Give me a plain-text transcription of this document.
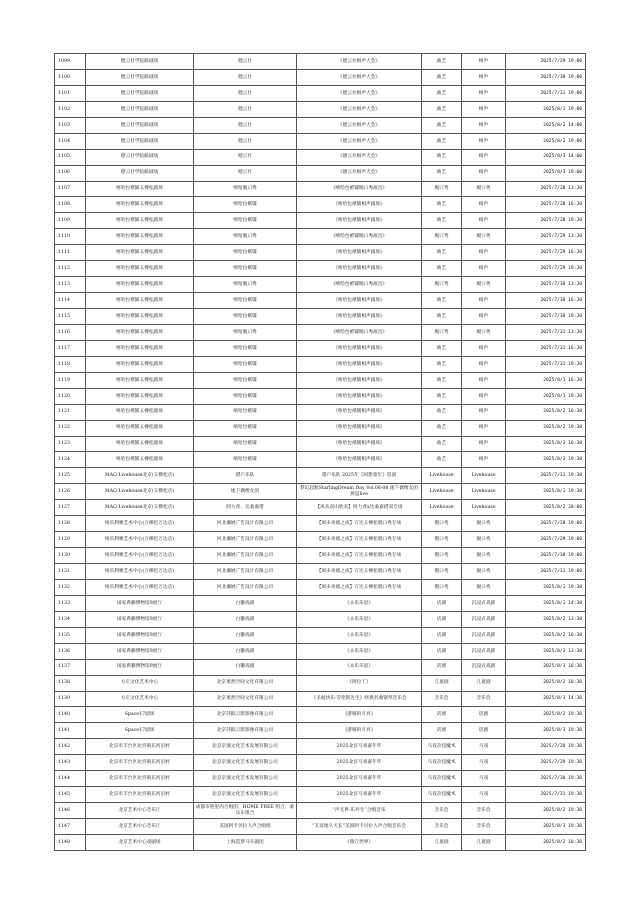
1099	德云社学院路剧场	德云社	《德云社相声大会》	曲艺	相声	2025/7/29 19:00
1100	德云社学院路剧场	德云社	《德云社相声大会》	曲艺	相声	2025/7/30 19:00
1101	德云社学院路剧场	德云社	《德云社相声大会》	曲艺	相声	2025/7/31 19:00
1102	德云社学院路剧场	德云社	《德云社相声大会》	曲艺	相声	2025/8/1 19:00
1103	德云社学院路剧场	德云社	《德云社相声大会》	曲艺	相声	2025/8/2 14:00
1104	德云社学院路剧场	德云社	《德云社相声大会》	曲艺	相声	2025/8/2 19:00
1105	德云社学院路剧场	德云社	《德云社相声大会》	曲艺	相声	2025/8/3 14:00
1106	德云社学院路剧场	德云社	《德云社相声大会》	曲艺	相声	2025/8/3 19:00
1107	嘻哈包袱铺五棵松剧场	嘻哈脱口秀	《嘻哈包袱铺脱口秀演出》	脱口秀	脱口秀	2025/7/28 13:30
1108	嘻哈包袱铺五棵松剧场	嘻哈包袱铺	《嘻哈包袱铺相声剧场》	曲艺	相声	2025/7/28 16:30
1109	嘻哈包袱铺五棵松剧场	嘻哈包袱铺	《嘻哈包袱铺相声剧场》	曲艺	相声	2025/7/28 19:30
1110	嘻哈包袱铺五棵松剧场	嘻哈脱口秀	《嘻哈包袱铺脱口秀演出》	脱口秀	脱口秀	2025/7/29 13:30
1111	嘻哈包袱铺五棵松剧场	嘻哈包袱铺	《嘻哈包袱铺相声剧场》	曲艺	相声	2025/7/29 16:30
1112	嘻哈包袱铺五棵松剧场	嘻哈包袱铺	《嘻哈包袱铺相声剧场》	曲艺	相声	2025/7/29 19:30
1113	嘻哈包袱铺五棵松剧场	嘻哈脱口秀	《嘻哈包袱铺脱口秀演出》	脱口秀	脱口秀	2025/7/30 13:30
1114	嘻哈包袱铺五棵松剧场	嘻哈包袱铺	《嘻哈包袱铺相声剧场》	曲艺	相声	2025/7/30 16:30
1115	嘻哈包袱铺五棵松剧场	嘻哈包袱铺	《嘻哈包袱铺相声剧场》	曲艺	相声	2025/7/30 19:30
1116	嘻哈包袱铺五棵松剧场	嘻哈脱口秀	《嘻哈包袱铺脱口秀演出》	脱口秀	脱口秀	2025/7/31 13:30
1117	嘻哈包袱铺五棵松剧场	嘻哈包袱铺	《嘻哈包袱铺相声剧场》	曲艺	相声	2025/7/31 16:30
1118	嘻哈包袱铺五棵松剧场	嘻哈包袱铺	《嘻哈包袱铺相声剧场》	曲艺	相声	2025/7/31 19:30
1119	嘻哈包袱铺五棵松剧场	嘻哈包袱铺	《嘻哈包袱铺相声剧场》	曲艺	相声	2025/8/1 16:30
1120	嘻哈包袱铺五棵松剧场	嘻哈包袱铺	《嘻哈包袱铺相声剧场》	曲艺	相声	2025/8/1 19:30
1121	嘻哈包袱铺五棵松剧场	嘻哈包袱铺	《嘻哈包袱铺相声剧场》	曲艺	相声	2025/8/2 16:30
1122	嘻哈包袱铺五棵松剧场	嘻哈包袱铺	《嘻哈包袱铺相声剧场》	曲艺	相声	2025/8/2 19:30
1123	嘻哈包袱铺五棵松剧场	嘻哈包袱铺	《嘻哈包袱铺相声剧场》	曲艺	相声	2025/8/3 16:30
1124	嘻哈包袱铺五棵松剧场	嘻哈包袱铺	《嘻哈包袱铺相声剧场》	曲艺	相声	2025/8/3 19:30
1125	MAO Livehouse北京(五棵松店)	猎户乐队	猎户乐队 2025年《回想童年》巡演	Livehouse	Livehouse	2025/7/31 19:30
1126	MAO Livehouse北京(五棵松店)	地下偶像女团	梦幻起航StarlingDream Day Vol.06-08 地下偶像女团拼盘live	Livehouse	Livehouse	2025/8/1 19:30
1127	MAO Livehouse北京(五棵松店)	阿力普、达桑嘉措	【风从双山吹来】阿力普x达桑嘉措双专场	Livehouse	Livehouse	2025/8/2 20:00
1128	格乐利雅艺术中心(五棵松万达店)	河北珈展广告设计有限公司	【周末喜剧之夜】万达五棵松脱口秀专场	脱口秀	脱口秀	2025/7/28 19:00
1129	格乐利雅艺术中心(五棵松万达店)	河北珈展广告设计有限公司	【周末喜剧之夜】万达五棵松脱口秀专场	脱口秀	脱口秀	2025/7/29 19:00
1130	格乐利雅艺术中心(五棵松万达店)	河北珈展广告设计有限公司	【周末喜剧之夜】万达五棵松脱口秀专场	脱口秀	脱口秀	2025/7/30 19:00
1131	格乐利雅艺术中心(五棵松万达店)	河北珈展广告设计有限公司	【周末喜剧之夜】万达五棵松脱口秀专场	脱口秀	脱口秀	2025/7/31 19:00
1132	格乐利雅艺术中心(五棵松万达店)	河北珈展广告设计有限公司	【周末喜剧之夜】万达五棵松脱口秀专场	脱口秀	脱口秀	2025/8/1 19:30
1133	国家典籍博物馆9展厅	白辙戏剧	《永乐乐思》	话剧	沉浸式戏剧	2025/8/1 14:30
1134	国家典籍博物馆9展厅	白辙戏剧	《永乐乐思》	话剧	沉浸式戏剧	2025/8/2 13:30
1135	国家典籍博物馆9展厅	白辙戏剧	《永乐乐思》	话剧	沉浸式戏剧	2025/8/2 16:30
1136	国家典籍博物馆9展厅	白辙戏剧	《永乐乐思》	话剧	沉浸式戏剧	2025/8/3 13:30
1137	国家典籍博物馆9展厅	白辙戏剧	《永乐乐思》	话剧	沉浸式戏剧	2025/8/3 16:30
1138	方庄文化艺术中心	北京果然空间文化有限公司	《阿拉丁》	儿童剧	儿童剧	2025/8/2 10:30
1139	方庄文化艺术中心	北京果然空间文化有限公司	《圣诞快乐·劳伦斯先生》经典名曲钢琴音乐会	音乐会	音乐会	2025/8/3 14:30
1140	Space17剧场	北京萍踪云影影像有限公司	《游移的月亮》	话剧	话剧	2025/8/2 19:30
1141	Space17剧场	北京萍踪云影影像有限公司	《游移的月亮》	话剧	话剧	2025/8/3 19:30
1142	北京市丰台区北宫镇东河沿村	北京京演文化艺术发展有限公司	2025北宫马戏嘉年华	马戏杂技魔术	马戏	2025/7/28 19:30
1143	北京市丰台区北宫镇东河沿村	北京京演文化艺术发展有限公司	2025北宫马戏嘉年华	马戏杂技魔术	马戏	2025/7/29 19:30
1144	北京市丰台区北宫镇东河沿村	北京京演文化艺术发展有限公司	2025北宫马戏嘉年华	马戏杂技魔术	马戏	2025/7/30 19:30
1145	北京市丰台区北宫镇东河沿村	北京京演文化艺术发展有限公司	2025北宫马戏嘉年华	马戏杂技魔术	马戏	2025/7/31 19:30
1146	北京艺术中心音乐厅	成都市胜里内合唱团、HOME FREE 组合、柔乐车组合	“声无界·乐共生”合唱音乐	音乐会	音乐会	2025/8/2 19:30
1147	北京艺术中心音乐厅	美国阿卡贝拉人声合唱组	“友谊地久天长”美国阿卡贝拉人声合唱音乐会	音乐会	音乐会	2025/8/3 19:30
1148	北京艺术中心戏剧场	上海造梦马车剧团	《燕穴世界》	儿童剧	儿童剧	2025/8/2 10:30
